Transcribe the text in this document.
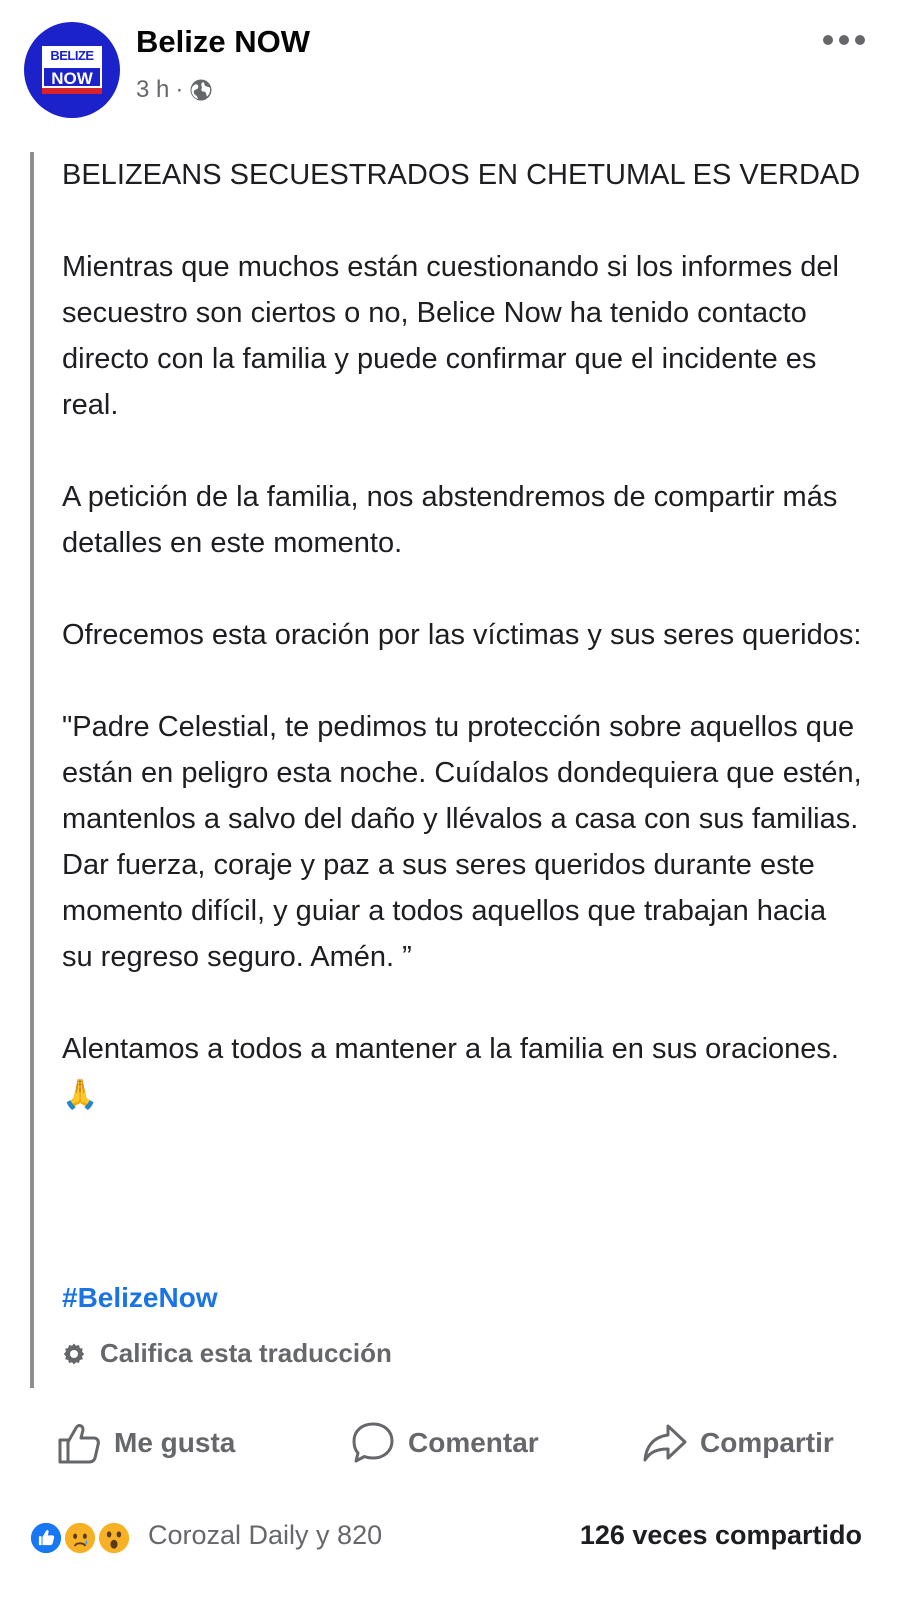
BELIZE
NOW
Belize NOW
3 h ·

BELIZEANS SECUESTRADOS EN CHETUMAL ES VERDAD

Mientras que muchos están cuestionando si los informes del secuestro son ciertos o no, Belice Now ha tenido contacto directo con la familia y puede confirmar que el incidente es real.

A petición de la familia, nos abstendremos de compartir más detalles en este momento.

Ofrecemos esta oración por las víctimas y sus seres queridos:

"Padre Celestial, te pedimos tu protección sobre aquellos que están en peligro esta noche. Cuídalos dondequiera que estén, mantenlos a salvo del daño y llévalos a casa con sus familias. Dar fuerza, coraje y paz a sus seres queridos durante este momento difícil, y guiar a todos aquellos que trabajan hacia su regreso seguro. Amén. ”

Alentamos a todos a mantener a la familia en sus oraciones. 🙏

#BelizeNow
Califica esta traducción
Me gusta	Comentar	Compartir
Corozal Daily y 820	126 veces compartido
